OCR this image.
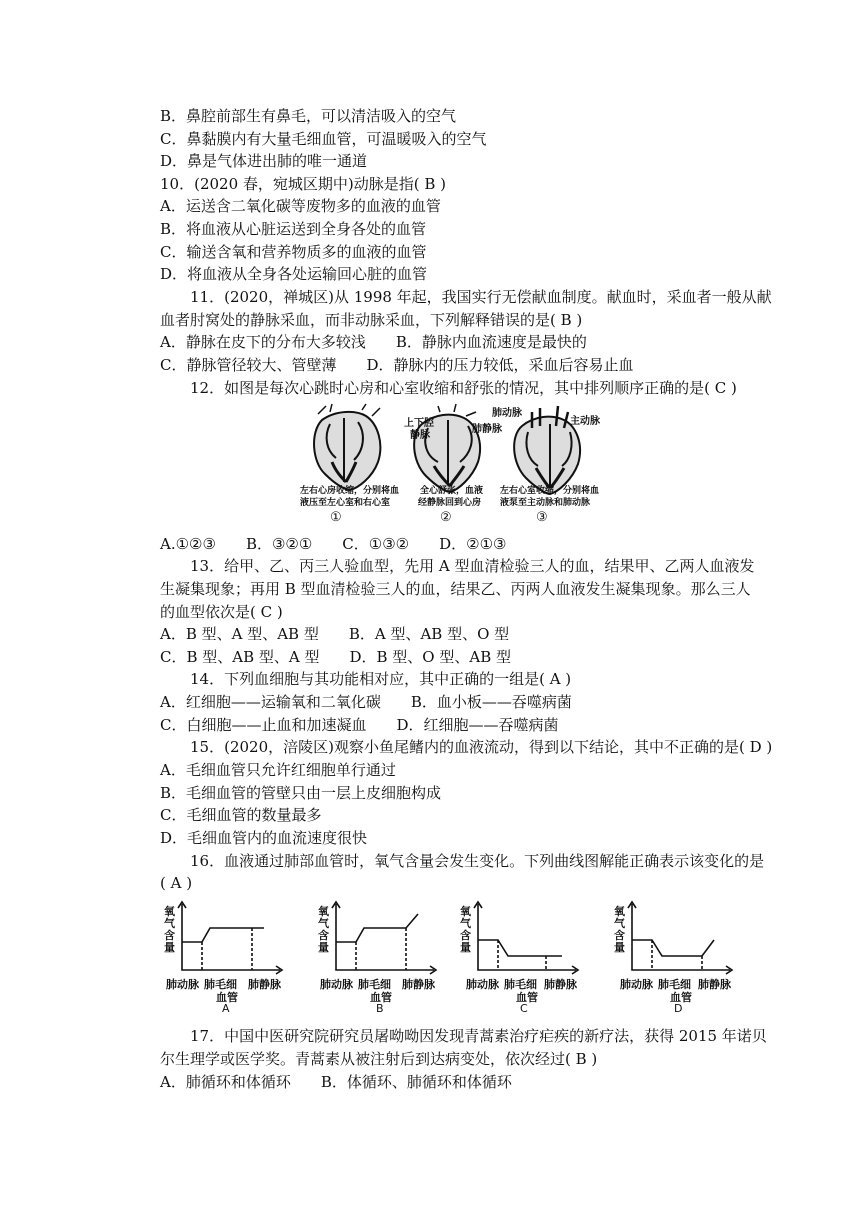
B．鼻腔前部生有鼻毛，可以清洁吸入的空气
C．鼻黏膜内有大量毛细血管，可温暖吸入的空气
D．鼻是气体进出肺的唯一通道
10．(2020 春，宛城区期中)动脉是指( B )
A．运送含二氧化碳等废物多的血液的血管
B．将血液从心脏运送到全身各处的血管
C．输送含氧和营养物质多的血液的血管
D．将血液从全身各处运输回心脏的血管
11．(2020，禅城区)从 1998 年起，我国实行无偿献血制度。献血时，采血者一般从献
血者肘窝处的静脉采血，而非动脉采血，下列解释错误的是( B )
A．静脉在皮下的分布大多较浅　　B．静脉内血流速度是最快的
C．静脉管径较大、管壁薄　　D．静脉内的压力较低，采血后容易止血
12．如图是每次心跳时心房和心室收缩和舒张的情况，其中排列顺序正确的是( C )
上下腔
静脉
肺静脉
肺动脉
主动脉
左右心房收缩，分别将血
液压至左心室和右心室
①
全心舒张，血液
经静脉回到心房
②
左右心室收缩，分别将血
液泵至主动脉和肺动脉
③
A.①②③　　B．③②①　　C．①③②　　D．②①③
13．给甲、乙、丙三人验血型，先用 A 型血清检验三人的血，结果甲、乙两人血液发
生凝集现象；再用 B 型血清检验三人的血，结果乙、丙两人血液发生凝集现象。那么三人
的血型依次是( C )
A．B 型、A 型、AB 型　　B．A 型、AB 型、O 型
C．B 型、AB 型、A 型　　D．B 型、O 型、AB 型
14．下列血细胞与其功能相对应，其中正确的一组是( A )
A．红细胞——运输氧和二氧化碳　　B．血小板——吞噬病菌
C．白细胞——止血和加速凝血　　D．红细胞——吞噬病菌
15．(2020，涪陵区)观察小鱼尾鳍内的血液流动，得到以下结论，其中不正确的是( D )
A．毛细血管只允许红细胞单行通过
B．毛细血管的管壁只由一层上皮细胞构成
C．毛细血管的数量最多
D．毛细血管内的血流速度很快
16．血液通过肺部血管时，氧气含量会发生变化。下列曲线图解能正确表示该变化的是
( A )
氧气含量
肺动脉 肺毛细
血管
肺静脉
A
氧气含量
肺动脉 肺毛细
血管
肺静脉
B
氧气含量
肺动脉 肺毛细
血管
肺静脉
C
氧气含量
肺动脉 肺毛细
血管
肺静脉
D
17．中国中医研究院研究员屠呦呦因发现青蒿素治疗疟疾的新疗法，获得 2015 年诺贝
尔生理学或医学奖。青蒿素从被注射后到达病变处，依次经过( B )
A．肺循环和体循环　　B．体循环、肺循环和体循环
